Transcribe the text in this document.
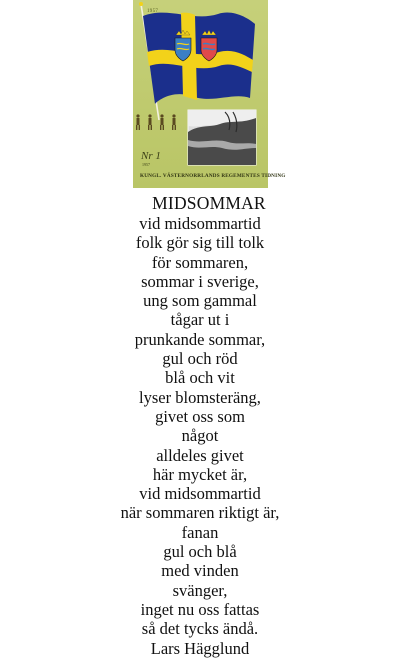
1957
Nr 1
1957
KUNGL. VÄSTERNORRLANDS REGEMENTES TIDNING
MIDSOMMAR
vid midsommartid
folk gör sig till tolk
för sommaren,
sommar i sverige,
ung som gammal
tågar ut i
prunkande sommar,
gul och röd
blå och vit
lyser blomsteräng,
givet oss som
något
alldeles givet
här mycket är,
vid midsommartid
när sommaren riktigt är,
fanan
gul och blå
med vinden
svänger,
inget nu oss fattas
så det tycks ändå.
Lars Hägglund
